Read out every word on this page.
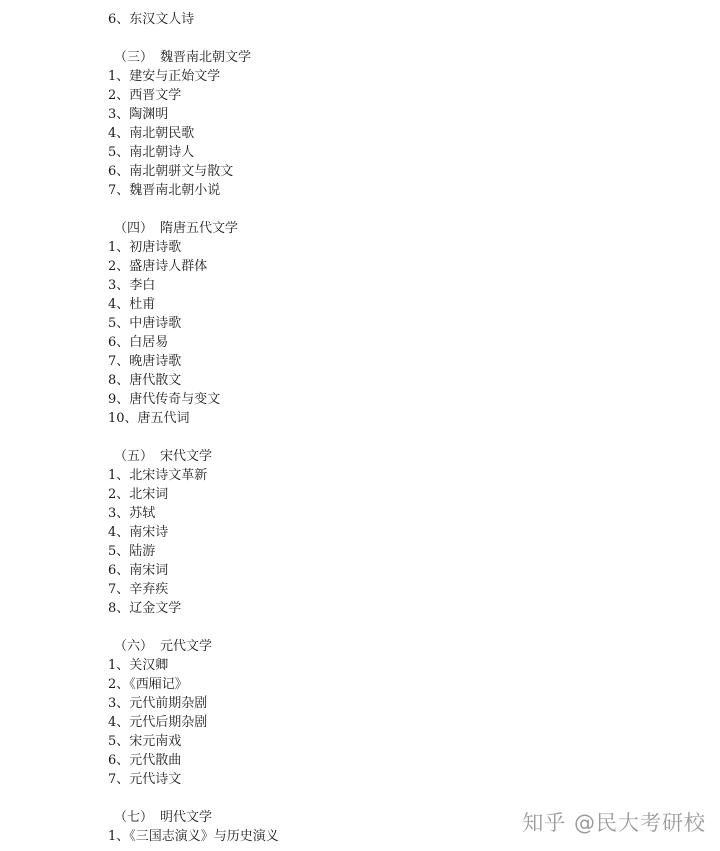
6、东汉文人诗
（三） 魏晋南北朝文学
1、建安与正始文学
2、西晋文学
3、陶渊明
4、南北朝民歌
5、南北朝诗人
6、南北朝骈文与散文
7、魏晋南北朝小说
（四） 隋唐五代文学
1、初唐诗歌
2、盛唐诗人群体
3、李白
4、杜甫
5、中唐诗歌
6、白居易
7、晚唐诗歌
8、唐代散文
9、唐代传奇与变文
10、唐五代词
（五） 宋代文学
1、北宋诗文革新
2、北宋词
3、苏轼
4、南宋诗
5、陆游
6、南宋词
7、辛弃疾
8、辽金文学
（六） 元代文学
1、关汉卿
2、《西厢记》
3、元代前期杂剧
4、元代后期杂剧
5、宋元南戏
6、元代散曲
7、元代诗文
（七） 明代文学
1、《三国志演义》与历史演义
知乎 @民大考研校
